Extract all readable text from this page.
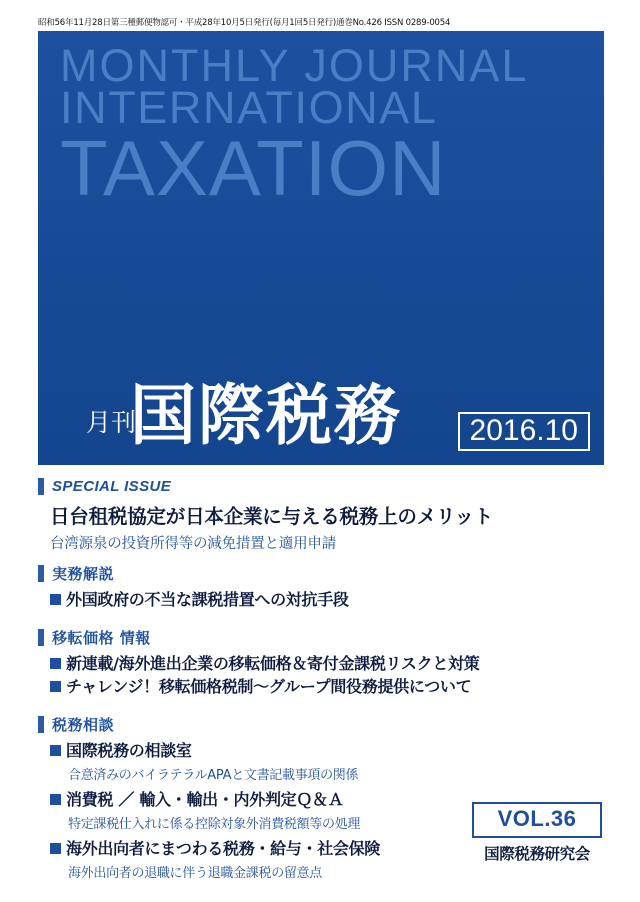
昭和56年11月28日第三種郵便物認可・平成28年10月5日発行(毎月1回5日発行)通巻No.426 ISSN 0289-0054
MONTHLY JOURNAL
INTERNATIONAL
TAXATION
月刊
国際税務	2016.10
SPECIAL ISSUE
日台租税協定が日本企業に与える税務上のメリット
台湾源泉の投資所得等の減免措置と適用申請
実務解説
外国政府の不当な課税措置への対抗手段
移転価格 情報
新連載/海外進出企業の移転価格＆寄付金課税リスクと対策
チャレンジ！移転価格税制～グループ間役務提供について
税務相談
国際税務の相談室
合意済みのバイラテラルAPAと文書記載事項の関係
消費税 ／ 輸入・輸出・内外判定Ｑ＆Ａ
特定課税仕入れに係る控除対象外消費税額等の処理
海外出向者にまつわる税務・給与・社会保険
海外出向者の退職に伴う退職金課税の留意点
VOL.36
国際税務研究会
